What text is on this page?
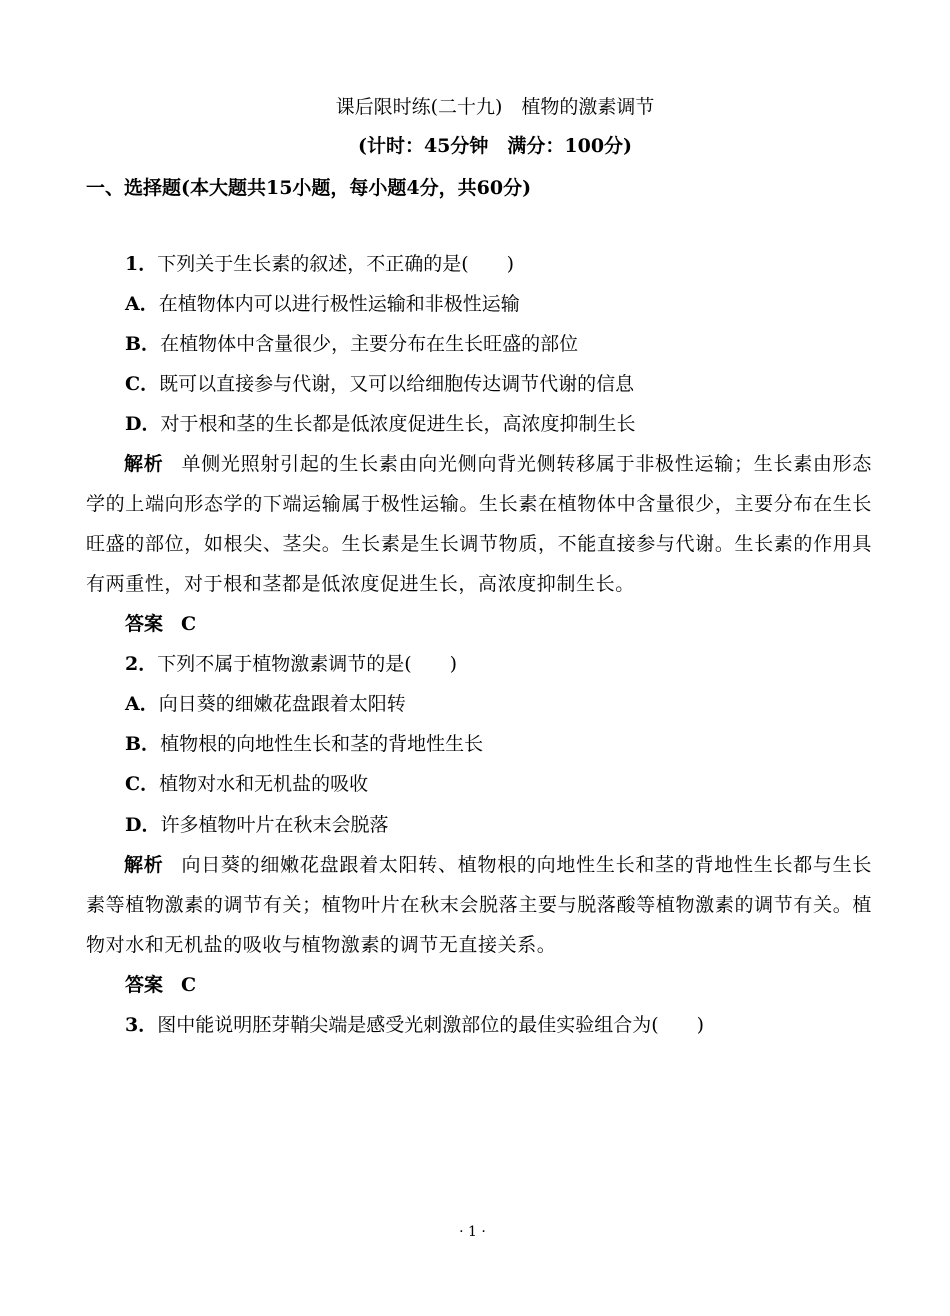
课后限时练(二十九)　植物的激素调节
(计时：45分钟　满分：100分)
一、选择题(本大题共15小题，每小题4分，共60分)
1．下列关于生长素的叙述，不正确的是(　　)
A．在植物体内可以进行极性运输和非极性运输
B．在植物体中含量很少，主要分布在生长旺盛的部位
C．既可以直接参与代谢，又可以给细胞传达调节代谢的信息
D．对于根和茎的生长都是低浓度促进生长，高浓度抑制生长
解析 单侧光照射引起的生长素由向光侧向背光侧转移属于非极性运输；生长素由形态学的上端向形态学的下端运输属于极性运输。生长素在植物体中含量很少，主要分布在生长旺盛的部位，如根尖、茎尖。生长素是生长调节物质，不能直接参与代谢。生长素的作用具有两重性，对于根和茎都是低浓度促进生长，高浓度抑制生长。
答案 C
2．下列不属于植物激素调节的是(　　)
A．向日葵的细嫩花盘跟着太阳转
B．植物根的向地性生长和茎的背地性生长
C．植物对水和无机盐的吸收
D．许多植物叶片在秋末会脱落
解析 向日葵的细嫩花盘跟着太阳转、植物根的向地性生长和茎的背地性生长都与生长素等植物激素的调节有关；植物叶片在秋末会脱落主要与脱落酸等植物激素的调节有关。植物对水和无机盐的吸收与植物激素的调节无直接关系。
答案 C
3．图中能说明胚芽鞘尖端是感受光刺激部位的最佳实验组合为(　　)
· 1 ·
